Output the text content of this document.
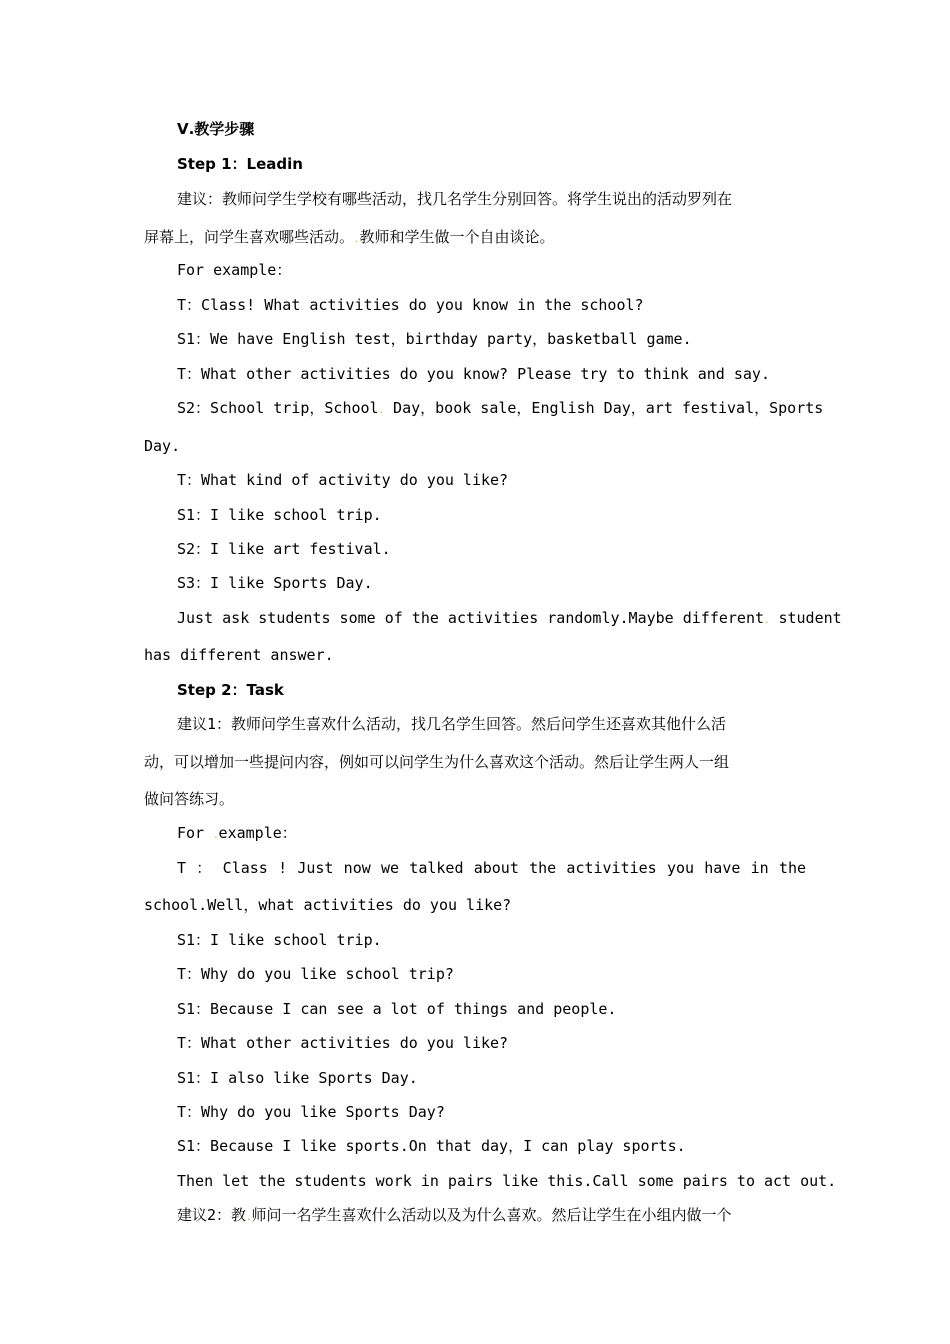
Ⅴ.教学步骤
Step 1：Leadin
建议：教师问学生学校有哪些活动，找几名学生分别回答。将学生说出的活动罗列在
屏幕上，问学生喜欢哪些活动。.教师和学生做一个自由谈论。
For example：
T：Class! What activities do you know in the school?
S1：We have English test，birthday party，basketball game.
T：What other activities do you know? Please try to think and say.
S2：School trip，School. Day，book sale，English Day，art festival，Sports
Day.
T：What kind of activity do you like?
S1：I like school trip.
S2：I like art festival.
S3：I like Sports Day.
Just ask students some of the activities randomly.Maybe different. student
has different answer.
Step 2：Task
建议1：教师问学生喜欢什么活动，找几名学生回答。然后问学生还喜欢其他什么活
动，可以增加一些提问内容，例如可以问学生为什么喜欢这个活动。然后让学生两人一组
做问答练习。
For .example：
T ： Class ! Just now we talked about the activities you have in the
school.Well，what activities do you like?
S1：I like school trip.
T：Why do you like school trip?
S1：Because I can see a lot of things and people.
T：What other activities do you like?
S1：I also like Sports Day.
T：Why do you like Sports Day?
S1：Because I like sports.On that day，I can play sports.
Then let the students work in pairs like this.Call some pairs to act out.
建议2：教.师问一名学生喜欢什么活动以及为什么喜欢。然后让学生在小组内做一个
